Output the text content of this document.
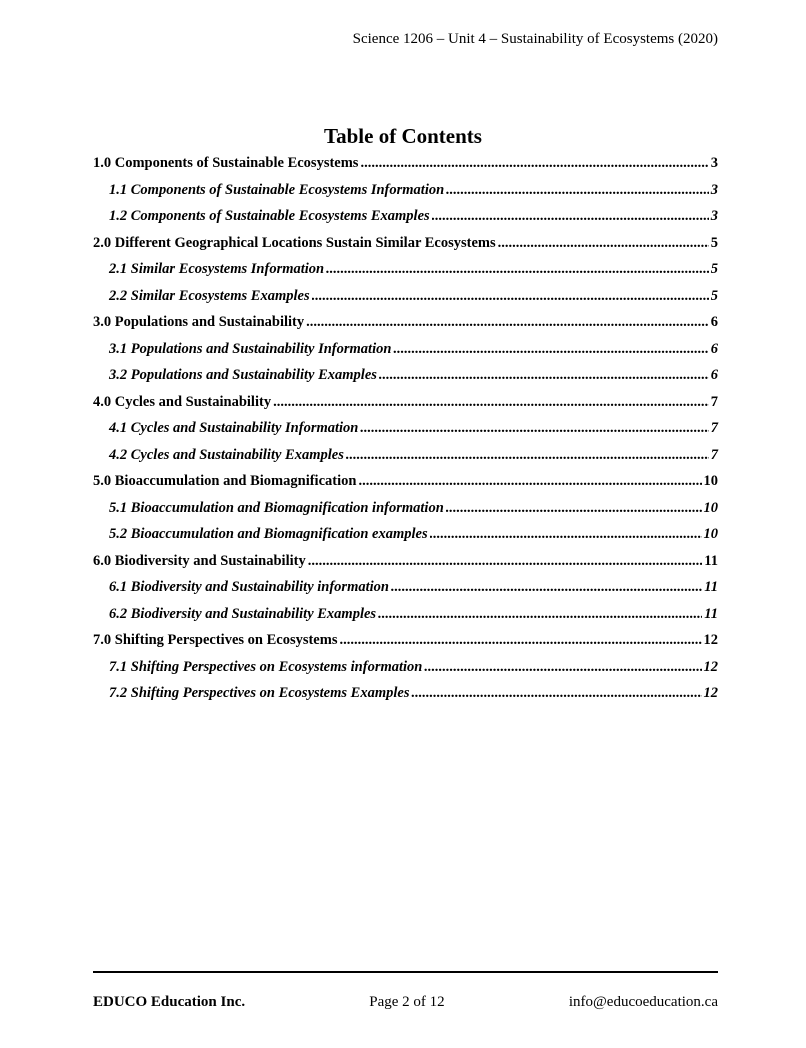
Science 1206 – Unit 4 – Sustainability of Ecosystems (2020)
Table of Contents
1.0 Components of Sustainable Ecosystems .....	3
1.1 Components of Sustainable Ecosystems Information .....	3
1.2 Components of Sustainable Ecosystems Examples .....	3
2.0 Different Geographical Locations Sustain Similar Ecosystems .....	5
2.1 Similar Ecosystems Information .....	5
2.2 Similar Ecosystems Examples .....	5
3.0 Populations and Sustainability .....	6
3.1 Populations and Sustainability Information .....	6
3.2 Populations and Sustainability Examples .....	6
4.0 Cycles and Sustainability .....	7
4.1 Cycles and Sustainability Information .....	7
4.2 Cycles and Sustainability Examples .....	7
5.0 Bioaccumulation and Biomagnification .....	10
5.1 Bioaccumulation and Biomagnification information .....	10
5.2 Bioaccumulation and Biomagnification examples .....	10
6.0 Biodiversity and Sustainability .....	11
6.1 Biodiversity and Sustainability information .....	11
6.2 Biodiversity and Sustainability Examples .....	11
7.0 Shifting Perspectives on Ecosystems .....	12
7.1 Shifting Perspectives on Ecosystems information .....	12
7.2 Shifting Perspectives on Ecosystems Examples .....	12
EDUCO Education Inc.	Page 2 of 12	info@educoeducation.ca
